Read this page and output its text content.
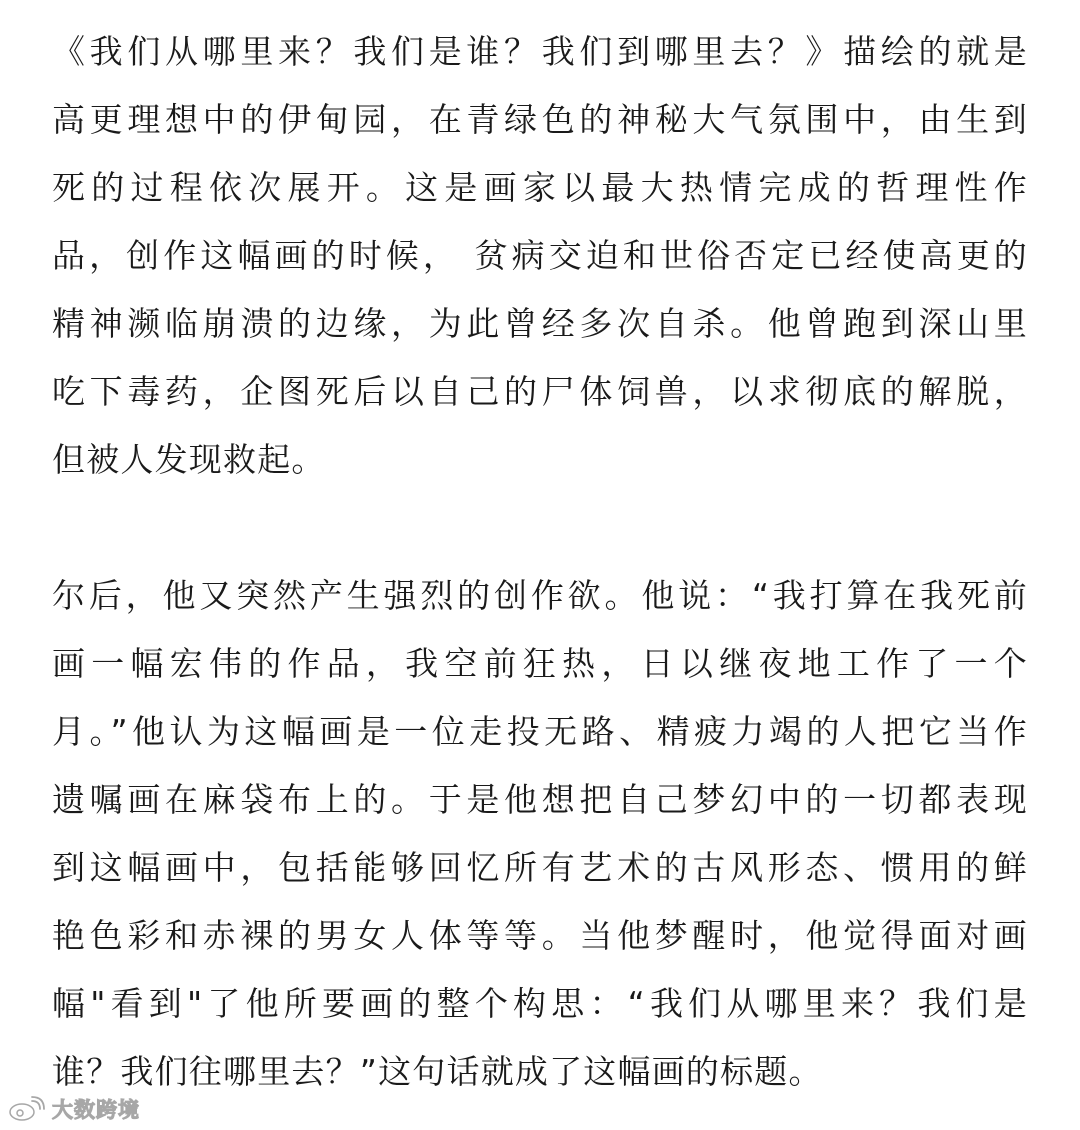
《我们从哪里来？我们是谁？我们到哪里去？》描绘的就是
高更理想中的伊甸园，在青绿色的神秘大气氛围中，由生到
死的过程依次展开。这是画家以最大热情完成的哲理性作
品，创作这幅画的时候， 贫病交迫和世俗否定已经使高更的
精神濒临崩溃的边缘，为此曾经多次自杀。他曾跑到深山里
吃下毒药，企图死后以自己的尸体饲兽，以求彻底的解脱，
但被人发现救起。
尔后，他又突然产生强烈的创作欲。他说：“我打算在我死前
画一幅宏伟的作品，我空前狂热，日以继夜地工作了一个
月。”他认为这幅画是一位走投无路、精疲力竭的人把它当作
遗嘱画在麻袋布上的。于是他想把自己梦幻中的一切都表现
到这幅画中，包括能够回忆所有艺术的古风形态、惯用的鲜
艳色彩和赤裸的男女人体等等。当他梦醒时，他觉得面对画
幅"看到"了他所要画的整个构思：“我们从哪里来？我们是
谁？我们往哪里去？”这句话就成了这幅画的标题。
大数跨境
